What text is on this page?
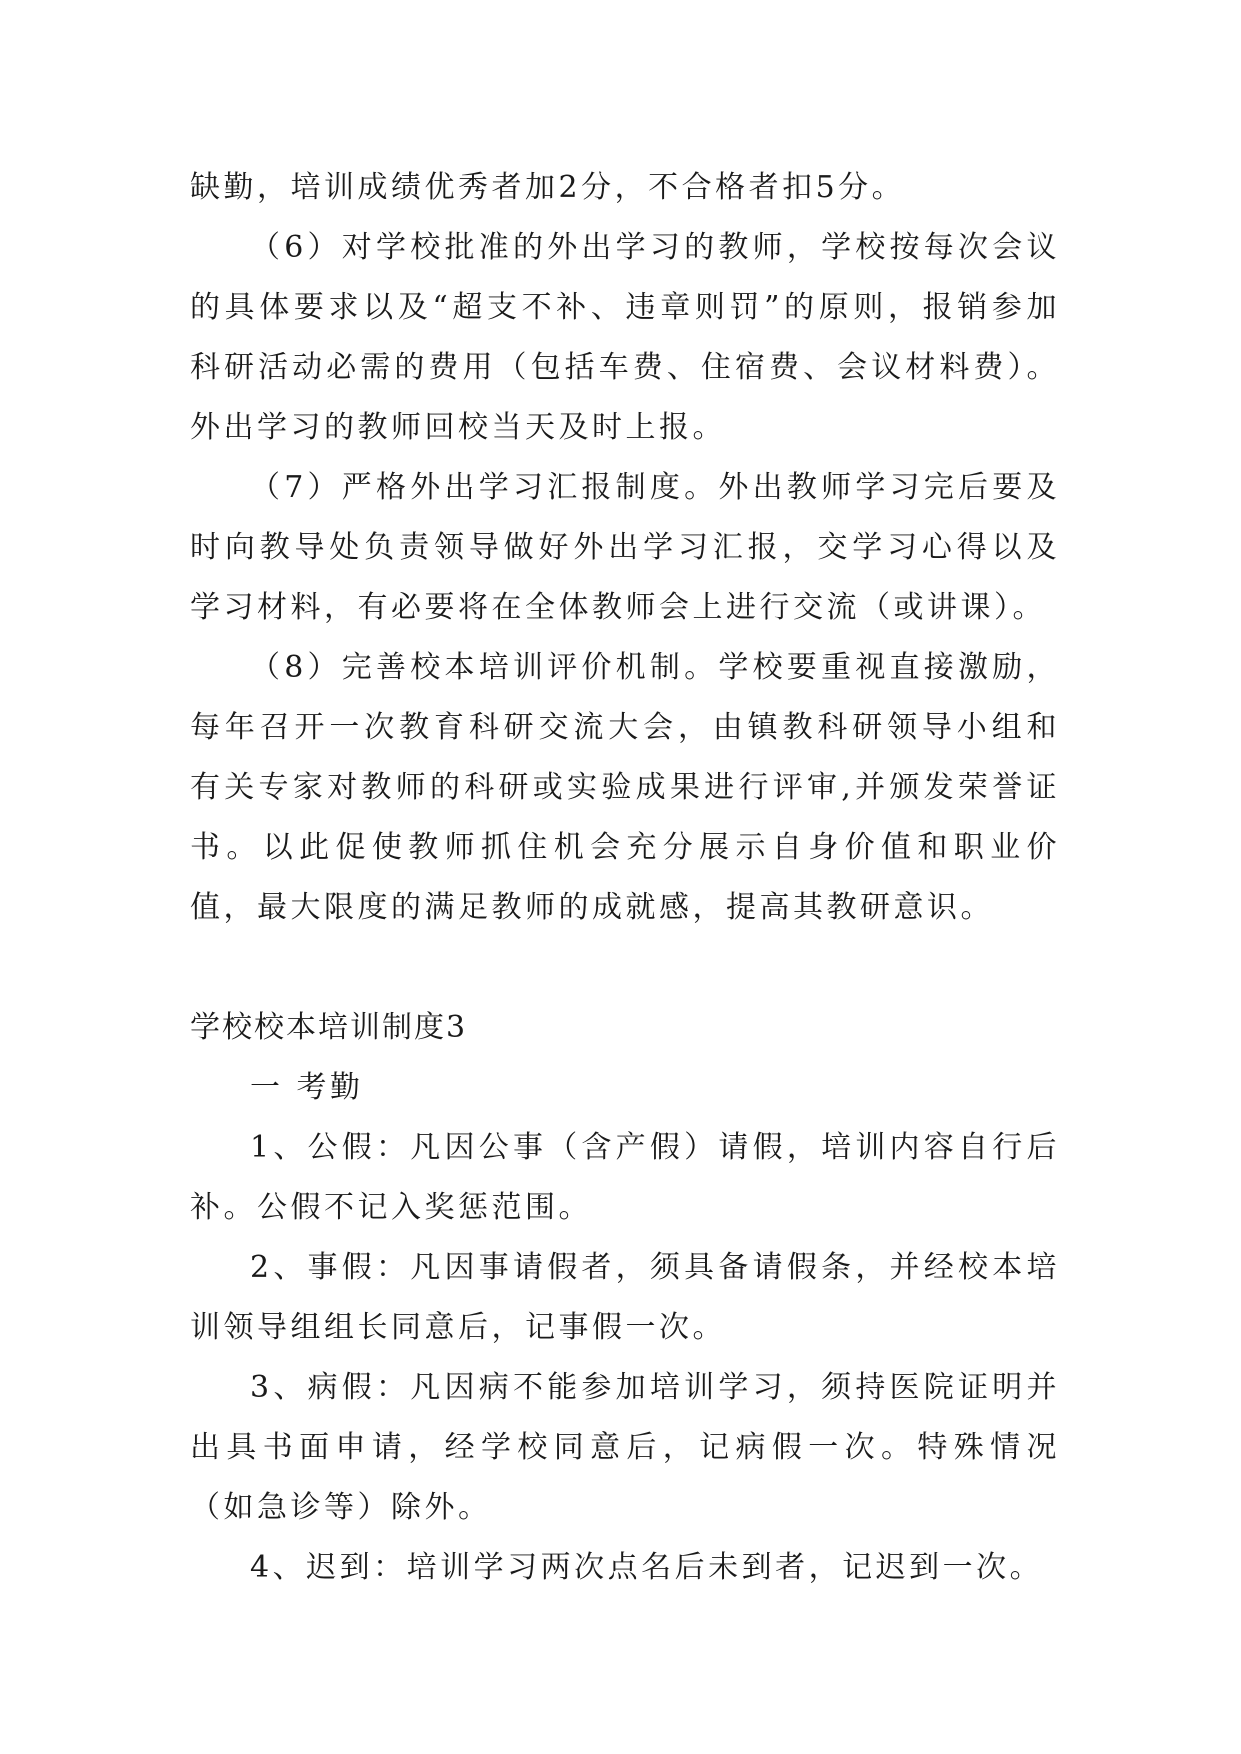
缺勤，培训成绩优秀者加2分，不合格者扣5分。

（6）对学校批准的外出学习的教师，学校按每次会议的具体要求以及“超支不补、违章则罚”的原则，报销参加科研活动必需的费用（包括车费、住宿费、会议材料费）。外出学习的教师回校当天及时上报。

（7）严格外出学习汇报制度。外出教师学习完后要及时向教导处负责领导做好外出学习汇报，交学习心得以及学习材料，有必要将在全体教师会上进行交流（或讲课）。

（8）完善校本培训评价机制。学校要重视直接激励，每年召开一次教育科研交流大会，由镇教科研领导小组和有关专家对教师的科研或实验成果进行评审,并颁发荣誉证书。以此促使教师抓住机会充分展示自身价值和职业价值，最大限度的满足教师的成就感，提高其教研意识。

学校校本培训制度3

一 考勤

1、公假：凡因公事（含产假）请假，培训内容自行后补。公假不记入奖惩范围。

2、事假：凡因事请假者，须具备请假条，并经校本培训领导组组长同意后，记事假一次。

3、病假：凡因病不能参加培训学习，须持医院证明并出具书面申请，经学校同意后，记病假一次。特殊情况（如急诊等）除外。

4、迟到：培训学习两次点名后未到者，记迟到一次。
